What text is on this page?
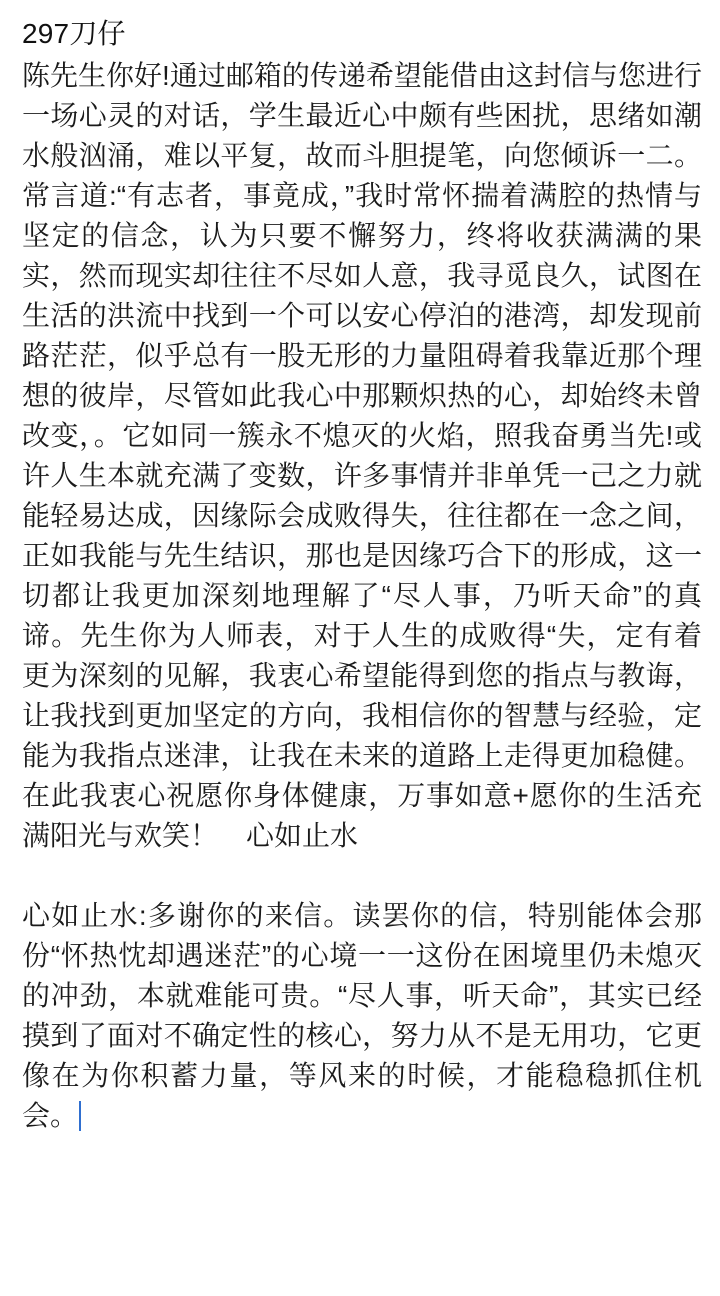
297刀仔
陈先生你好!通过邮箱的传递希望能借由这封信与您进行一场心灵的对话，学生最近心中颇有些困扰，思绪如潮水般汹涌，难以平复，故而斗胆提笔，向您倾诉一二。常言道:“有志者，事竟成，”我时常怀揣着满腔的热情与坚定的信念，认为只要不懈努力，终将收获满满的果实，然而现实却往往不尽如人意，我寻觅良久，试图在生活的洪流中找到一个可以安心停泊的港湾，却发现前路茫茫，似乎总有一股无形的力量阻碍着我靠近那个理想的彼岸，尽管如此我心中那颗炽热的心，却始终未曾改变，。它如同一簇永不熄灭的火焰，照我奋勇当先!或许人生本就充满了变数，许多事情并非单凭一己之力就能轻易达成，因缘际会成败得失，往往都在一念之间，正如我能与先生结识，那也是因缘巧合下的形成，这一切都让我更加深刻地理解了“尽人事，乃听天命”的真谛。先生你为人师表，对于人生的成败得“失，定有着更为深刻的见解，我衷心希望能得到您的指点与教诲，让我找到更加坚定的方向，我相信你的智慧与经验，定能为我指点迷津，让我在未来的道路上走得更加稳健。在此我衷心祝愿你身体健康，万事如意+愿你的生活充满阳光与欢笑！　心如止水
心如止水:多谢你的来信。读罢你的信，特别能体会那份“怀热忱却遇迷茫”的心境一一这份在困境里仍未熄灭的冲劲，本就难能可贵。“尽人事，听天命”，其实已经摸到了面对不确定性的核心，努力从不是无用功，它更像在为你积蓄力量，等风来的时候，才能稳稳抓住机会。
